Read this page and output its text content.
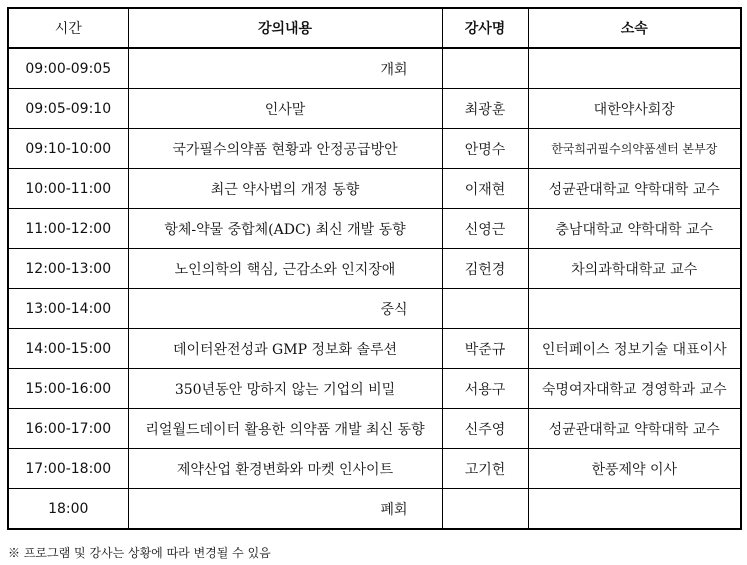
시간	강의내용	강사명	소속
09:00-09:05	개회		
09:05-09:10	인사말	최광훈	대한약사회장
09:10-10:00	국가필수의약품 현황과 안정공급방안	안명수	한국희귀필수의약품센터 본부장
10:00-11:00	최근 약사법의 개정 동향	이재현	성균관대학교 약학대학 교수
11:00-12:00	항체-약물 중합체(ADC) 최신 개발 동향	신영근	충남대학교 약학대학 교수
12:00-13:00	노인의학의 핵심, 근감소와 인지장애	김헌경	차의과학대학교 교수
13:00-14:00	중식		
14:00-15:00	데이터완전성과 GMP 정보화 솔루션	박준규	인터페이스 정보기술 대표이사
15:00-16:00	350년동안 망하지 않는 기업의 비밀	서용구	숙명여자대학교 경영학과 교수
16:00-17:00	리얼월드데이터 활용한 의약품 개발 최신 동향	신주영	성균관대학교 약학대학 교수
17:00-18:00	제약산업 환경변화와 마켓 인사이트	고기헌	한풍제약 이사
18:00	폐회		
※ 프로그램 및 강사는 상황에 따라 변경될 수 있음
